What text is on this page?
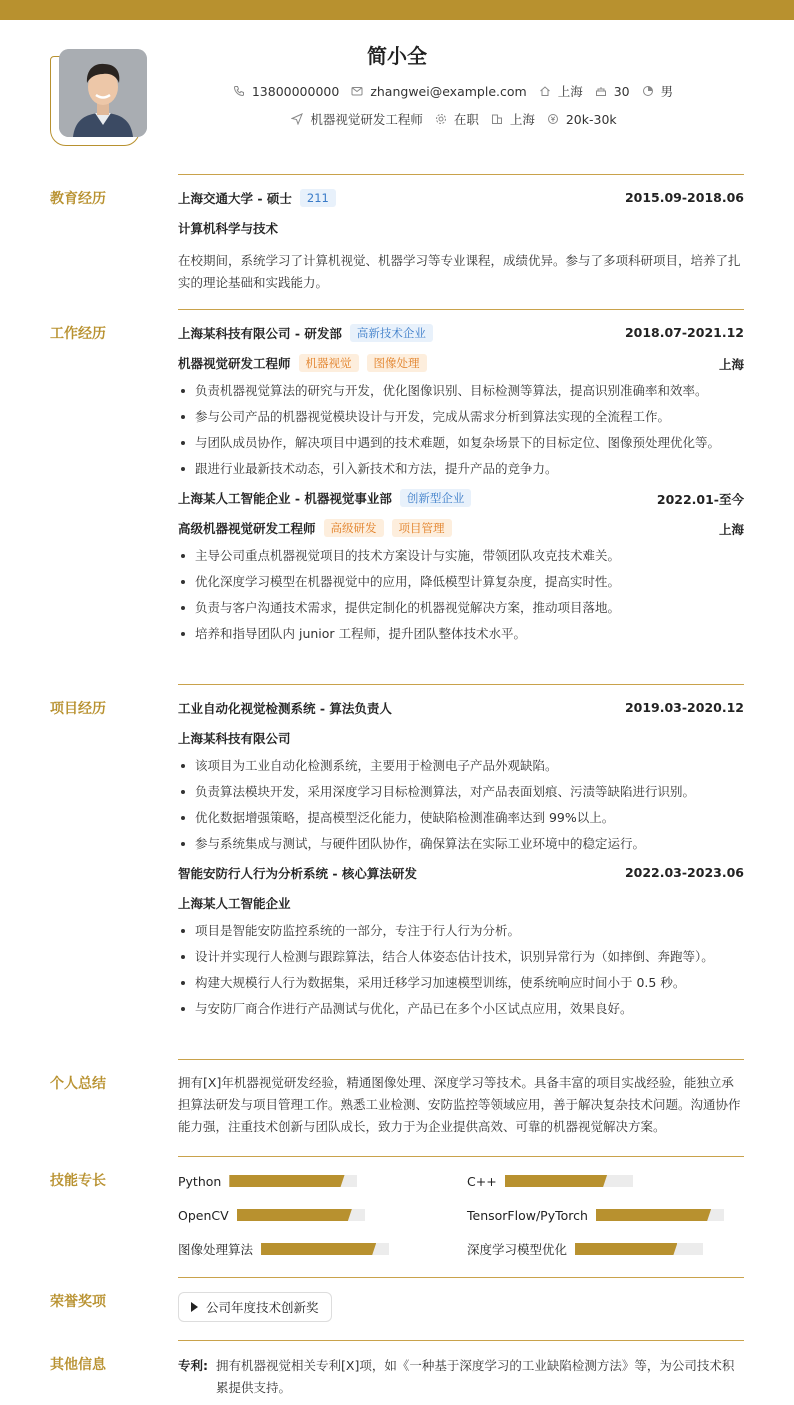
简小全
13800000000 zhangwei@example.com 上海 30 男
机器视觉研发工程师 在职 上海 20k-30k
教育经历	上海交通大学 - 硕士	211	2015.09-2018.06
计算机科学与技术
在校期间，系统学习了计算机视觉、机器学习等专业课程，成绩优异。参与了多项科研项目，培养了扎实的理论基础和实践能力。
工作经历	上海某科技有限公司 - 研发部	高新技术企业	2018.07-2021.12
机器视觉研发工程师	机器视觉	图像处理	上海
负责机器视觉算法的研究与开发，优化图像识别、目标检测等算法，提高识别准确率和效率。
参与公司产品的机器视觉模块设计与开发，完成从需求分析到算法实现的全流程工作。
与团队成员协作，解决项目中遇到的技术难题，如复杂场景下的目标定位、图像预处理优化等。
跟进行业最新技术动态，引入新技术和方法，提升产品的竞争力。
上海某人工智能企业 - 机器视觉事业部	创新型企业	2022.01-至今
高级机器视觉研发工程师	高级研发	项目管理	上海
主导公司重点机器视觉项目的技术方案设计与实施，带领团队攻克技术难关。
优化深度学习模型在机器视觉中的应用，降低模型计算复杂度，提高实时性。
负责与客户沟通技术需求，提供定制化的机器视觉解决方案，推动项目落地。
培养和指导团队内 junior 工程师，提升团队整体技术水平。
项目经历	工业自动化视觉检测系统 - 算法负责人	2019.03-2020.12
上海某科技有限公司
该项目为工业自动化检测系统，主要用于检测电子产品外观缺陷。
负责算法模块开发，采用深度学习目标检测算法，对产品表面划痕、污渍等缺陷进行识别。
优化数据增强策略，提高模型泛化能力，使缺陷检测准确率达到 99%以上。
参与系统集成与测试，与硬件团队协作，确保算法在实际工业环境中的稳定运行。
智能安防行人行为分析系统 - 核心算法研发	2022.03-2023.06
上海某人工智能企业
项目是智能安防监控系统的一部分，专注于行人行为分析。
设计并实现行人检测与跟踪算法，结合人体姿态估计技术，识别异常行为（如摔倒、奔跑等）。
构建大规模行人行为数据集，采用迁移学习加速模型训练，使系统响应时间小于 0.5 秒。
与安防厂商合作进行产品测试与优化，产品已在多个小区试点应用，效果良好。
个人总结	拥有[X]年机器视觉研发经验，精通图像处理、深度学习等技术。具备丰富的项目实战经验，能独立承担算法研发与项目管理工作。熟悉工业检测、安防监控等领域应用，善于解决复杂技术问题。沟通协作能力强，注重技术创新与团队成长，致力于为企业提供高效、可靠的机器视觉解决方案。
技能专长	Python	C++
OpenCV	TensorFlow/PyTorch
图像处理算法	深度学习模型优化
荣誉奖项	公司年度技术创新奖
其他信息	专利: 拥有机器视觉相关专利[X]项，如《一种基于深度学习的工业缺陷检测方法》等，为公司技术积累提供支持。
